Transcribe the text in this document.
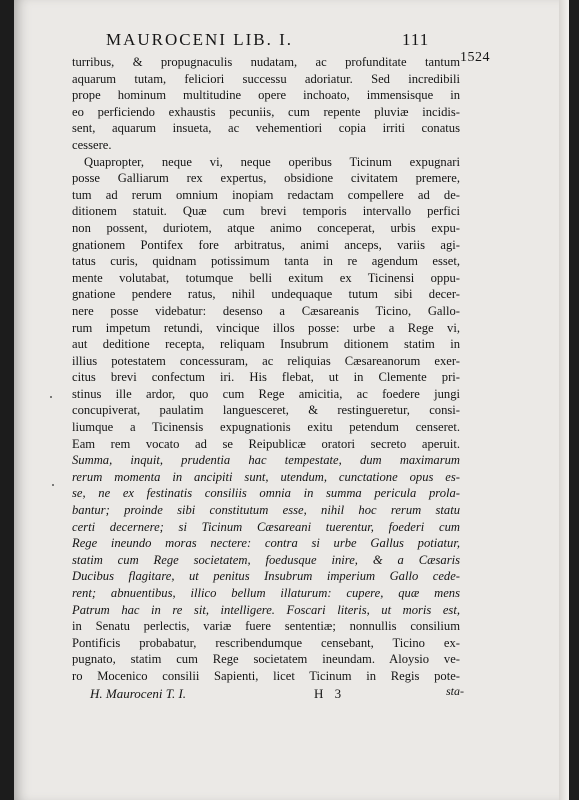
MAUROCENI LIB. I.	111
1524
turribus, & propugnaculis nudatam, ac profunditate tantum
aquarum tutam, feliciori successu adoriatur. Sed incredibili
prope hominum multitudine opere inchoato, immensisque in
eo perficiendo exhaustis pecuniis, cum repente pluviæ incidis-
sent, aquarum insueta, ac vehementiori copia irriti conatus
cessere.
Quapropter, neque vi, neque operibus Ticinum expugnari
posse Galliarum rex expertus, obsidione civitatem premere,
tum ad rerum omnium inopiam redactam compellere ad de-
ditionem statuit. Quæ cum brevi temporis intervallo perfici
non possent, duriotem, atque animo conceperat, urbis expu-
gnationem Pontifex fore arbitratus, animi anceps, variis agi-
tatus curis, quidnam potissimum tanta in re agendum esset,
mente volutabat, totumque belli exitum ex Ticinensi oppu-
gnatione pendere ratus, nihil undequaque tutum sibi decer-
nere posse videbatur: desenso a Cæsareanis Ticino, Gallo-
rum impetum retundi, vincique illos posse: urbe a Rege vi,
aut deditione recepta, reliquam Insubrum ditionem statim in
illius potestatem concessuram, ac reliquias Cæsareanorum exer-
citus brevi confectum iri. His flebat, ut in Clemente pri-
stinus ille ardor, quo cum Rege amicitia, ac foedere jungi
concupiverat, paulatim languesceret, & restingueretur, consi-
liumque a Ticinensis expugnationis exitu petendum censeret.
Eam rem vocato ad se Reipublicæ oratori secreto aperuit.
Summa, inquit, prudentia hac tempestate, dum maximarum
rerum momenta in ancipiti sunt, utendum, cunctatione opus es-
se, ne ex festinatis consiliis omnia in summa pericula prola-
bantur; proinde sibi constitutum esse, nihil hoc rerum statu
certi decernere; si Ticinum Cæsareani tuerentur, foederi cum
Rege ineundo moras nectere: contra si urbe Gallus potiatur,
statim cum Rege societatem, foedusque inire, & a Cæsaris
Ducibus flagitare, ut penitus Insubrum imperium Gallo cede-
rent; abnuentibus, illico bellum illaturum: cupere, quæ mens
Patrum hac in re sit, intelligere. Foscari literis, ut moris est,
in Senatu perlectis, variæ fuere sententiæ; nonnullis consilium
Pontificis probabatur, rescribendumque censebant, Ticino ex-
pugnato, statim cum Rege societatem ineundam. Aloysio ve-
ro Mocenico consilii Sapienti, licet Ticinum in Regis pote-
H. Mauroceni T. I.	H 3	sta-
